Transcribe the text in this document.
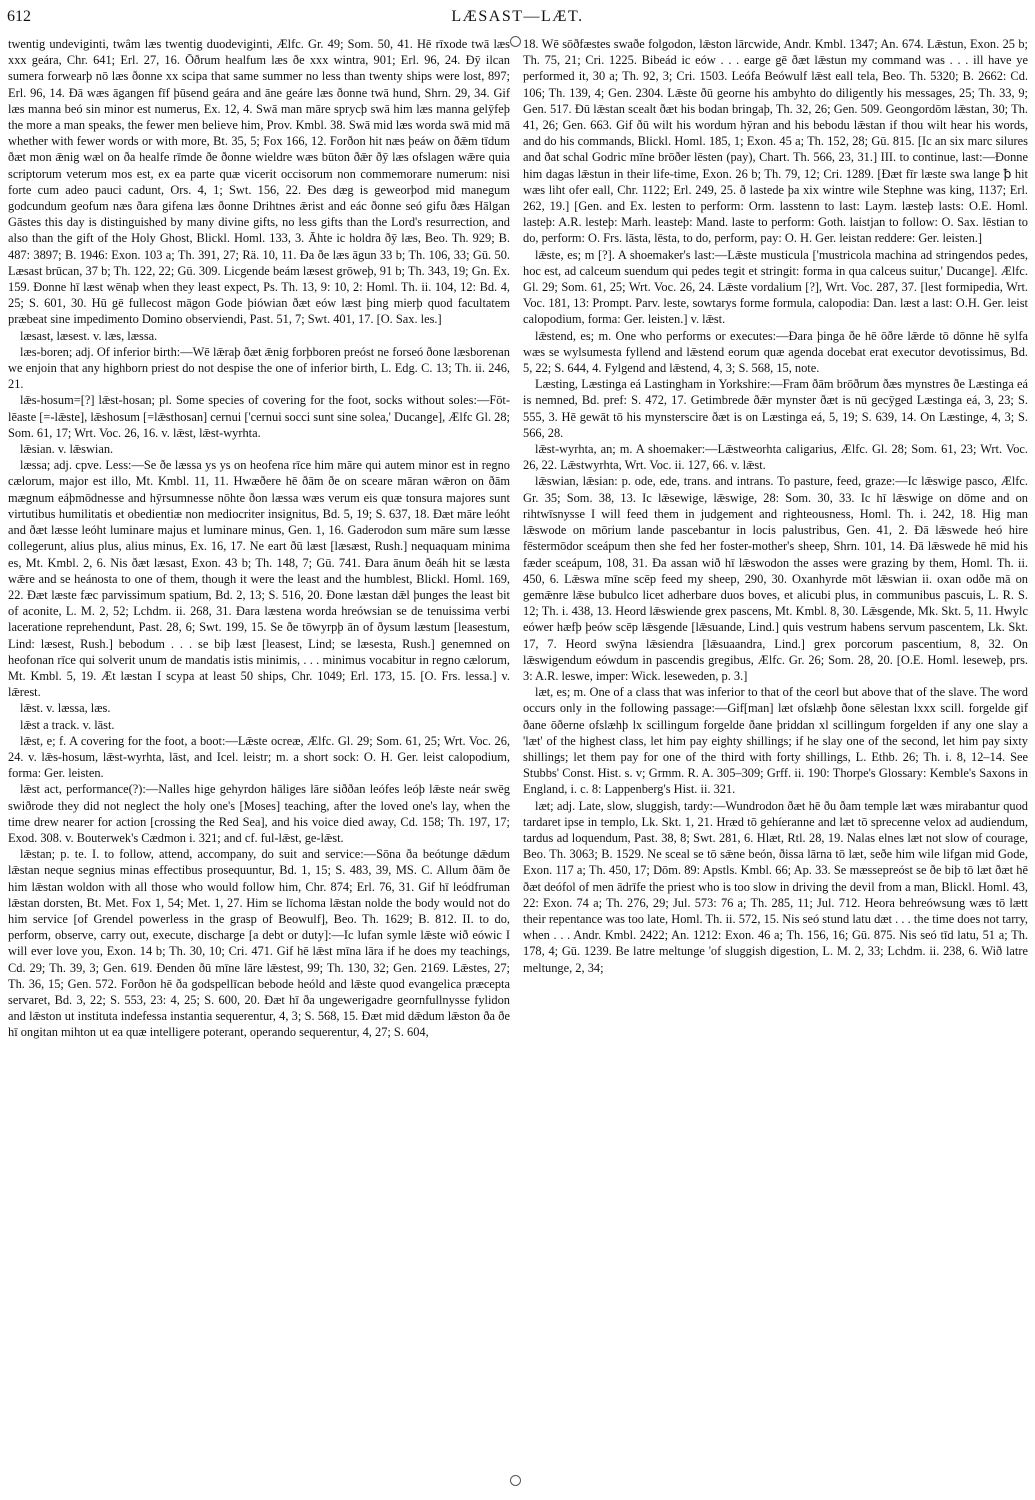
612	LÆSAST—LÆT.

twentig undeviginti, twâm læs twentig duodeviginti, Ælfc. Gr. 49; Som. 50, 41. Hē rīxode twā læs xxx geára, Chr. 641; Erl. 27, 16. Ōðrum healfum læs ðe xxx wintra, 901; Erl. 96, 24. Ðȳ ilcan sumera forwearþ nō læs ðonne xx scipa that same summer no less than twenty ships were lost, 897; Erl. 96, 14. Ðā wæs āgangen fīf þūsend geára and āne geáre læs ðonne twā hund, Shrn. 29, 34. Gif læs manna beó sin minor est numerus, Ex. 12, 4. Swā man māre sprycþ swā him læs manna gelȳfeþ the more a man speaks, the fewer men believe him, Prov. Kmbl. 38. Swā mid læs worda swā mid mā whether with fewer words or with more, Bt. 35, 5; Fox 166, 12. Forðon hit næs þeáw on ðǣm tīdum ðæt mon ǣnig wæl on ða healfe rīmde ðe ðonne wieldre wæs būton ðǣr ðȳ læs ofslagen wǣre quia scriptorum veterum mos est, ex ea parte quæ vicerit occisorum non commemorare numerum: nisi forte cum adeo pauci cadunt, Ors. 4, 1; Swt. 156, 22. Ðes dæg is geweorþod mid manegum godcundum geofum næs ðara gifena læs ðonne Drihtnes ǣrist and eác ðonne seó gifu ðæs Hālgan Gāstes this day is distinguished by many divine gifts, no less gifts than the Lord's resurrection, and also than the gift of the Holy Ghost, Blickl. Homl. 133, 3. Āhte ic holdra ðȳ læs, Beo. Th. 929; B. 487: 3897; B. 1946: Exon. 103 a; Th. 391, 27; Rä. 10, 11. Ða ðe læs āgun 33 b; Th. 106, 33; Gū. 50. Læsast brūcan, 37 b; Th. 122, 22; Gū. 309. Licgende beám læsest grōweþ, 91 b; Th. 343, 19; Gn. Ex. 159. Ðonne hī læst wēnaþ when they least expect, Ps. Th. 13, 9: 10, 2: Homl. Th. ii. 104, 12: Bd. 4, 25; S. 601, 30. Hū gē fullecost māgon Gode þiówian ðæt eów læst þing mierþ quod facultatem præbeat sine impedimento Domino observiendi, Past. 51, 7; Swt. 401, 17. [O. Sax. les.]

læsast, læsest. v. læs, læssa.

læs-boren; adj. Of inferior birth:—Wē lǣraþ ðæt ǣnig forþboren preóst ne forseó ðone læsborenan we enjoin that any highborn priest do not despise the one of inferior birth, L. Edg. C. 13; Th. ii. 246, 21.

lǣs-hosum=[?] lǣst-hosan; pl. Some species of covering for the foot, socks without soles:—Fōt-lēaste [=-lǣste], lǣshosum [=lǣsthosan] cernui ['cernui socci sunt sine solea,' Ducange], Ælfc Gl. 28; Som. 61, 17; Wrt. Voc. 26, 16. v. lǣst, lǣst-wyrhta.

lǣsian. v. lǣswian.

læssa; adj. cpve. Less:—Se ðe læssa ys ys on heofena rīce him māre qui autem minor est in regno cælorum, major est illo, Mt. Kmbl. 11, 11. Hwæðere hē ðām ðe on sceare māran wǣron on ðām mægnum eáþmōdnesse and hȳrsumnesse nōhte ðon læssa wæs verum eis quæ tonsura majores sunt virtutibus humilitatis et obedientiæ non mediocriter insignitus, Bd. 5, 19; S. 637, 18. Ðæt māre leóht and ðæt læsse leóht luminare majus et luminare minus, Gen. 1, 16. Gaderodon sum māre sum læsse collegerunt, alius plus, alius minus, Ex. 16, 17. Ne eart ðū læst [læsæst, Rush.] nequaquam minima es, Mt. Kmbl. 2, 6. Nis ðæt læsast, Exon. 43 b; Th. 148, 7; Gū. 741. Ðara ānum ðeáh hit se læsta wǣre and se heánosta to one of them, though it were the least and the humblest, Blickl. Homl. 169, 22. Ðæt læste fæc parvissimum spatium, Bd. 2, 13; S. 516, 20. Ðone læstan dǣl þunges the least bit of aconite, L. M. 2, 52; Lchdm. ii. 268, 31. Ðara læstena worda hreówsian se de tenuissima verbi laceratione reprehendunt, Past. 28, 6; Swt. 199, 15. Se ðe tōwyrpþ ān of ðysum læstum [leasestum, Lind: læsest, Rush.] bebodum . . . se biþ læst [leasest, Lind; se læsesta, Rush.] genemned on heofonan rīce qui solverit unum de mandatis istis minimis, . . . minimus vocabitur in regno cælorum, Mt. Kmbl. 5, 19. Æt læstan I scypa at least 50 ships, Chr. 1049; Erl. 173, 15. [O. Frs. lessa.] v. lǣrest.

lǣst. v. læssa, læs.

lǣst a track. v. lāst.

lǣst, e; f. A covering for the foot, a boot:—Lǣste ocreæ, Ælfc. Gl. 29; Som. 61, 25; Wrt. Voc. 26, 24. v. lǣs-hosum, lǣst-wyrhta, lāst, and Icel. leistr; m. a short sock: O. H. Ger. leist calopodium, forma: Ger. leisten.

lǣst act, performance(?):—Nalles hige gehyrdon hāliges lāre siððan leófes leóþ lǣste neár swēg swiðrode they did not neglect the holy one's [Moses] teaching, after the loved one's lay, when the time drew nearer for action [crossing the Red Sea], and his voice died away, Cd. 158; Th. 197, 17; Exod. 308. v. Bouterwek's Cædmon i. 321; and cf. ful-lǣst, ge-lǣst.

lǣstan; p. te. I. to follow, attend, accompany, do suit and service:—Sōna ða beótunge dǣdum lǣstan neque segnius minas effectibus prosequuntur, Bd. 1, 15; S. 483, 39, MS. C. Allum ðām ðe him lǣstan woldon with all those who would follow him, Chr. 874; Erl. 76, 31. Gif hī leódfruman lǣstan dorsten, Bt. Met. Fox 1, 54; Met. 1, 27. Him se līchoma lǣstan nolde the body would not do him service [of Grendel powerless in the grasp of Beowulf], Beo. Th. 1629; B. 812. II. to do, perform, observe, carry out, execute, discharge [a debt or duty]:—Ic lufan symle lǣste wið eówic I will ever love you, Exon. 14 b; Th. 30, 10; Cri. 471. Gif hē lǣst mīna lāra if he does my teachings, Cd. 29; Th. 39, 3; Gen. 619. Ðenden ðū mīne lāre lǣstest, 99; Th. 130, 32; Gen. 2169. Lǣstes, 27; Th. 36, 15; Gen. 572. Forðon hē ða godspellīcan bebode heóld and lǣste quod evangelica præcepta servaret, Bd. 3, 22; S. 553, 23: 4, 25; S. 600, 20. Ðæt hī ða ungewerigadre geornfullnysse fylidon and lǣston ut instituta indefessa instantia sequerentur, 4, 3; S. 568, 15. Ðæt mid dǣdum lǣston ða ðe hī ongitan mihton ut ea quæ intelligere poterant, operando sequerentur, 4, 27; S. 604,

18. Wē sōðfæstes swaðe folgodon, lǣston lārcwide, Andr. Kmbl. 1347; An. 674. Lǣstun, Exon. 25 b; Th. 75, 21; Cri. 1225. Bibeád ic eów . . . earge gē ðæt lǣstun my command was . . . ill have ye performed it, 30 a; Th. 92, 3; Cri. 1503. Leófa Beówulf lǣst eall tela, Beo. Th. 5320; B. 2662: Cd. 106; Th. 139, 4; Gen. 2304. Lǣste ðū georne his ambyhto do diligently his messages, 25; Th. 33, 9; Gen. 517. Ðū lǣstan scealt ðæt his bodan bringaþ, Th. 32, 26; Gen. 509. Geongordōm lǣstan, 30; Th. 41, 26; Gen. 663. Gif ðū wilt his wordum hȳran and his bebodu lǣstan if thou wilt hear his words, and do his commands, Blickl. Homl. 185, 1; Exon. 45 a; Th. 152, 28; Gū. 815. [Ic an six marc silures and ðat schal Godric mīne brōðer lēsten (pay), Chart. Th. 566, 23, 31.] III. to continue, last:—Ðonne him dagas lǣstun in their life-time, Exon. 26 b; Th. 79, 12; Cri. 1289. [Ðæt fīr læste swa lange ꝥ hit wæs liht ofer eall, Chr. 1122; Erl. 249, 25. ð lastede þa xix wintre wile Stephne was king, 1137; Erl. 262, 19.] [Gen. and Ex. lesten to perform: Orm. lasstenn to last: Laym. læsteþ lasts: O.E. Homl. lasteþ: A.R. lesteþ: Marh. leasteþ: Mand. laste to perform: Goth. laistjan to follow: O. Sax. lēstian to do, perform: O. Frs. lāsta, lēsta, to do, perform, pay: O. H. Ger. leistan reddere: Ger. leisten.]

lǣste, es; m [?]. A shoemaker's last:—Lǣste musticula ['mustricola machina ad stringendos pedes, hoc est, ad calceum suendum qui pedes tegit et stringit: forma in qua calceus suitur,' Ducange]. Ælfc. Gl. 29; Som. 61, 25; Wrt. Voc. 26, 24. Lǣste vordalium [?], Wrt. Voc. 287, 37. [lest formipedia, Wrt. Voc. 181, 13: Prompt. Parv. leste, sowtarys forme formula, calopodia: Dan. læst a last: O.H. Ger. leist calopodium, forma: Ger. leisten.] v. lǣst.

lǣstend, es; m. One who performs or executes:—Ðara þinga ðe hē ōðre lǣrde tō dōnne hē sylfa wæs se wylsumesta fyllend and lǣstend eorum quæ agenda docebat erat executor devotissimus, Bd. 5, 22; S. 644, 4. Fylgend and lǣstend, 4, 3; S. 568, 15, note.

Læsting, Læstinga eá Lastingham in Yorkshire:—Fram ðām brōðrum ðæs mynstres ðe Læstinga eá is nemned, Bd. pref: S. 472, 17. Getimbrede ðǣr mynster ðæt is nū gecȳged Læstinga eá, 3, 23; S. 555, 3. Hē gewāt tō his mynsterscire ðæt is on Læstinga eá, 5, 19; S. 639, 14. On Læstinge, 4, 3; S. 566, 28.

lǣst-wyrhta, an; m. A shoemaker:—Lǣstweorhta caligarius, Ælfc. Gl. 28; Som. 61, 23; Wrt. Voc. 26, 22. Lǣstwyrhta, Wrt. Voc. ii. 127, 66. v. lǣst.

lǣswian, lǣsian: p. ode, ede, trans. and intrans. To pasture, feed, graze:—Ic lǣswige pasco, Ælfc. Gr. 35; Som. 38, 13. Ic lǣsewige, lǣswige, 28: Som. 30, 33. Ic hī lǣswige on dōme and on rihtwīsnysse I will feed them in judgement and righteousness, Homl. Th. i. 242, 18. Hig man lǣswode on mōrium lande pascebantur in locis palustribus, Gen. 41, 2. Ðā lǣswede heó hire fēstermōdor sceápum then she fed her foster-mother's sheep, Shrn. 101, 14. Ðā lǣswede hē mid his fæder sceápum, 108, 31. Ða assan wið hī lǣswodon the asses were grazing by them, Homl. Th. ii. 450, 6. Lǣswa mīne scēp feed my sheep, 290, 30. Oxanhyrde mōt lǣswian ii. oxan odðe mā on gemǣnre lǣse bubulco licet adherbare duos boves, et alicubi plus, in communibus pascuis, L. R. S. 12; Th. i. 438, 13. Heord lǣswiende grex pascens, Mt. Kmbl. 8, 30. Lǣsgende, Mk. Skt. 5, 11. Hwylc eówer hæfþ þeów scēp lǣsgende [lǣsuande, Lind.] quis vestrum habens servum pascentem, Lk. Skt. 17, 7. Heord swȳna lǣsiendra [lǣsuaandra, Lind.] grex porcorum pascentium, 8, 32. On lǣswigendum eówdum in pascendis gregibus, Ælfc. Gr. 26; Som. 28, 20. [O.E. Homl. leseweþ, prs. 3: A.R. leswe, imper: Wick. leseweden, p. 3.]

læt, es; m. One of a class that was inferior to that of the ceorl but above that of the slave. The word occurs only in the following passage:—Gif[man] læt ofslæhþ ðone sēlestan lxxx scill. forgelde gif ðane ōðerne ofslæhþ lx scillingum forgelde ðane þriddan xl scillingum forgelden if any one slay a 'læt' of the highest class, let him pay eighty shillings; if he slay one of the second, let him pay sixty shillings; let them pay for one of the third with forty shillings, L. Ethb. 26; Th. i. 8, 12–14. See Stubbs' Const. Hist. s. v; Grmm. R. A. 305–309; Grff. ii. 190: Thorpe's Glossary: Kemble's Saxons in England, i. c. 8: Lappenberg's Hist. ii. 321.

læt; adj. Late, slow, sluggish, tardy:—Wundrodon ðæt hē ðu ðam temple læt wæs mirabantur quod tardaret ipse in templo, Lk. Skt. 1, 21. Hræd tō gehíeranne and læt tō sprecenne velox ad audiendum, tardus ad loquendum, Past. 38, 8; Swt. 281, 6. Hlæt, Rtl. 28, 19. Nalas elnes læt not slow of courage, Beo. Th. 3063; B. 1529. Ne sceal se tō sǣne beón, ðissa lārna tō læt, seðe him wile lifgan mid Gode, Exon. 117 a; Th. 450, 17; Dōm. 89: Apstls. Kmbl. 66; Ap. 33. Se mæssepreóst se ðe biþ tō læt ðæt hē ðæt deófol of men ādrīfe the priest who is too slow in driving the devil from a man, Blickl. Homl. 43, 22: Exon. 74 a; Th. 276, 29; Jul. 573: 76 a; Th. 285, 11; Jul. 712. Heora behreówsung wæs tō lætt their repentance was too late, Homl. Th. ii. 572, 15. Nis seó stund latu dæt . . . the time does not tarry, when . . . Andr. Kmbl. 2422; An. 1212: Exon. 46 a; Th. 156, 16; Gū. 875. Nis seó tīd latu, 51 a; Th. 178, 4; Gū. 1239. Be latre meltunge 'of sluggish digestion, L. M. 2, 33; Lchdm. ii. 238, 6. Wið latre meltunge, 2, 34;
